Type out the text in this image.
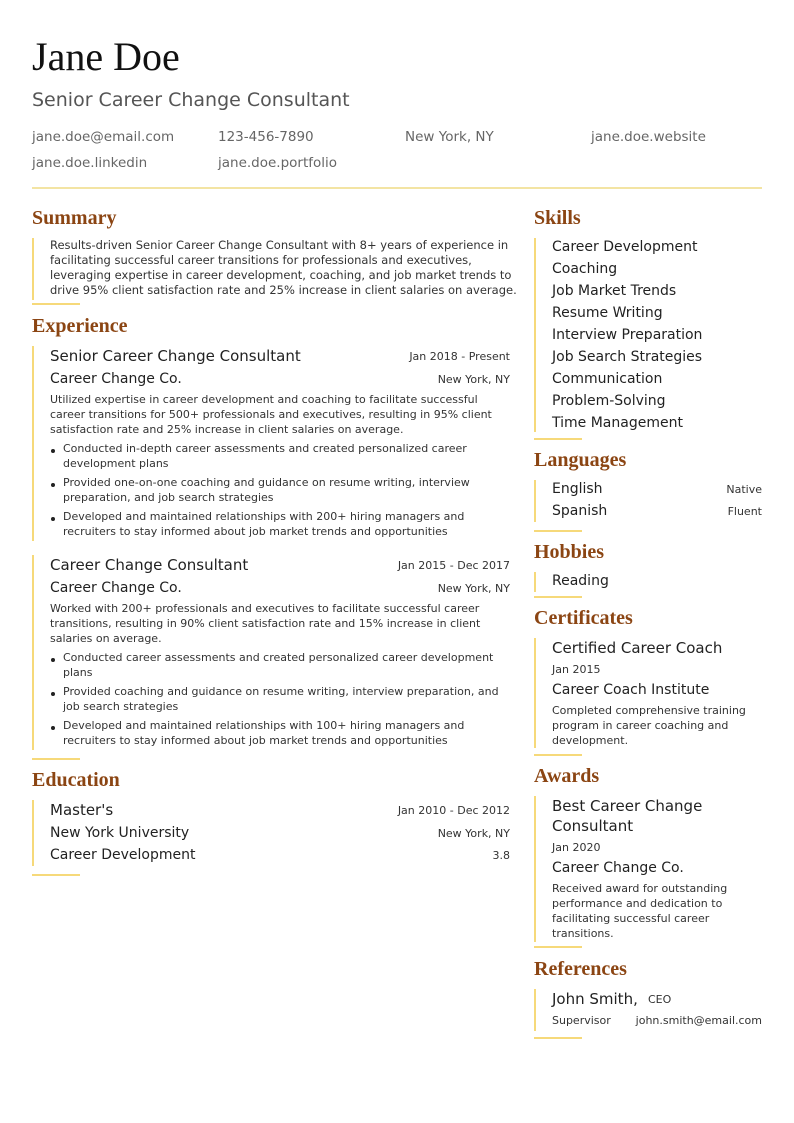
Jane Doe
Senior Career Change Consultant
jane.doe@email.com	123-456-7890	New York, NY	jane.doe.website
jane.doe.linkedin	jane.doe.portfolio
Summary
Results-driven Senior Career Change Consultant with 8+ years of experience in
facilitating successful career transitions for professionals and executives,
leveraging expertise in career development, coaching, and job market trends to
drive 95% client satisfaction rate and 25% increase in client salaries on average.
Experience
Senior Career Change Consultant	Jan 2018 - Present
Career Change Co.	New York, NY
Utilized expertise in career development and coaching to facilitate successful
career transitions for 500+ professionals and executives, resulting in 95% client
satisfaction rate and 25% increase in client salaries on average.
Conducted in-depth career assessments and created personalized career
development plans
Provided one-on-one coaching and guidance on resume writing, interview
preparation, and job search strategies
Developed and maintained relationships with 200+ hiring managers and
recruiters to stay informed about job market trends and opportunities
Career Change Consultant	Jan 2015 - Dec 2017
Career Change Co.	New York, NY
Worked with 200+ professionals and executives to facilitate successful career
transitions, resulting in 90% client satisfaction rate and 15% increase in client
salaries on average.
Conducted career assessments and created personalized career development
plans
Provided coaching and guidance on resume writing, interview preparation, and
job search strategies
Developed and maintained relationships with 100+ hiring managers and
recruiters to stay informed about job market trends and opportunities
Education
Master's	Jan 2010 - Dec 2012
New York University	New York, NY
Career Development	3.8
Skills
Career Development
Coaching
Job Market Trends
Resume Writing
Interview Preparation
Job Search Strategies
Communication
Problem-Solving
Time Management
Languages
English	Native
Spanish	Fluent
Hobbies
Reading
Certificates
Certified Career Coach
Jan 2015
Career Coach Institute
Completed comprehensive training
program in career coaching and
development.
Awards
Best Career Change
Consultant
Jan 2020
Career Change Co.
Received award for outstanding
performance and dedication to
facilitating successful career
transitions.
References
John Smith, CEO
Supervisor john.smith@email.com
